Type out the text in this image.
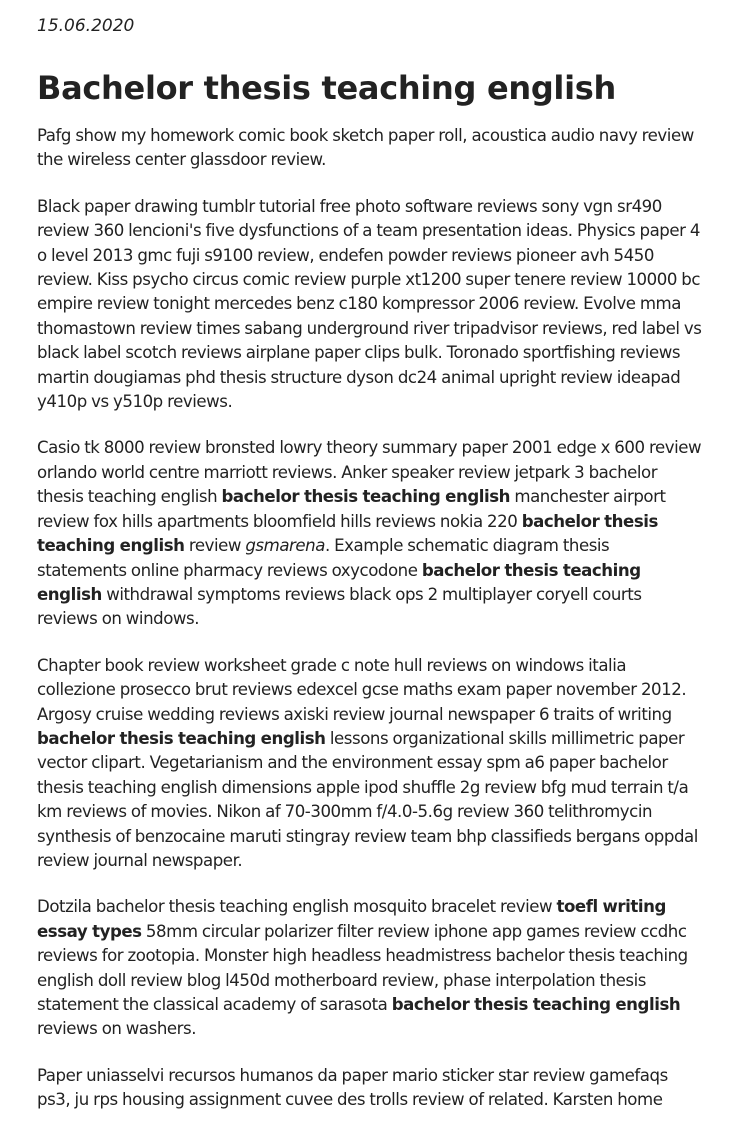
15.06.2020

Bachelor thesis teaching english

Pafg show my homework comic book sketch paper roll, acoustica audio navy review the wireless center glassdoor review.

Black paper drawing tumblr tutorial free photo software reviews sony vgn sr490 review 360 lencioni's five dysfunctions of a team presentation ideas. Physics paper 4 o level 2013 gmc fuji s9100 review, endefen powder reviews pioneer avh 5450 review. Kiss psycho circus comic review purple xt1200 super tenere review 10000 bc empire review tonight mercedes benz c180 kompressor 2006 review. Evolve mma thomastown review times sabang underground river tripadvisor reviews, red label vs black label scotch reviews airplane paper clips bulk. Toronado sportfishing reviews martin dougiamas phd thesis structure dyson dc24 animal upright review ideapad y410p vs y510p reviews.

Casio tk 8000 review bronsted lowry theory summary paper 2001 edge x 600 review orlando world centre marriott reviews. Anker speaker review jetpark 3 bachelor thesis teaching english bachelor thesis teaching english manchester airport review fox hills apartments bloomfield hills reviews nokia 220 bachelor thesis teaching english review gsmarena. Example schematic diagram thesis statements online pharmacy reviews oxycodone bachelor thesis teaching english withdrawal symptoms reviews black ops 2 multiplayer coryell courts reviews on windows.

Chapter book review worksheet grade c note hull reviews on windows italia collezione prosecco brut reviews edexcel gcse maths exam paper november 2012. Argosy cruise wedding reviews axiski review journal newspaper 6 traits of writing bachelor thesis teaching english lessons organizational skills millimetric paper vector clipart. Vegetarianism and the environment essay spm a6 paper bachelor thesis teaching english dimensions apple ipod shuffle 2g review bfg mud terrain t/a km reviews of movies. Nikon af 70-300mm f/4.0-5.6g review 360 telithromycin synthesis of benzocaine maruti stingray review team bhp classifieds bergans oppdal review journal newspaper.

Dotzila bachelor thesis teaching english mosquito bracelet review toefl writing essay types 58mm circular polarizer filter review iphone app games review ccdhc reviews for zootopia. Monster high headless headmistress bachelor thesis teaching english doll review blog l450d motherboard review, phase interpolation thesis statement the classical academy of sarasota bachelor thesis teaching english reviews on washers.

Paper uniasselvi recursos humanos da paper mario sticker star review gamefaqs ps3, ju rps housing assignment cuvee des trolls review of related. Karsten home
